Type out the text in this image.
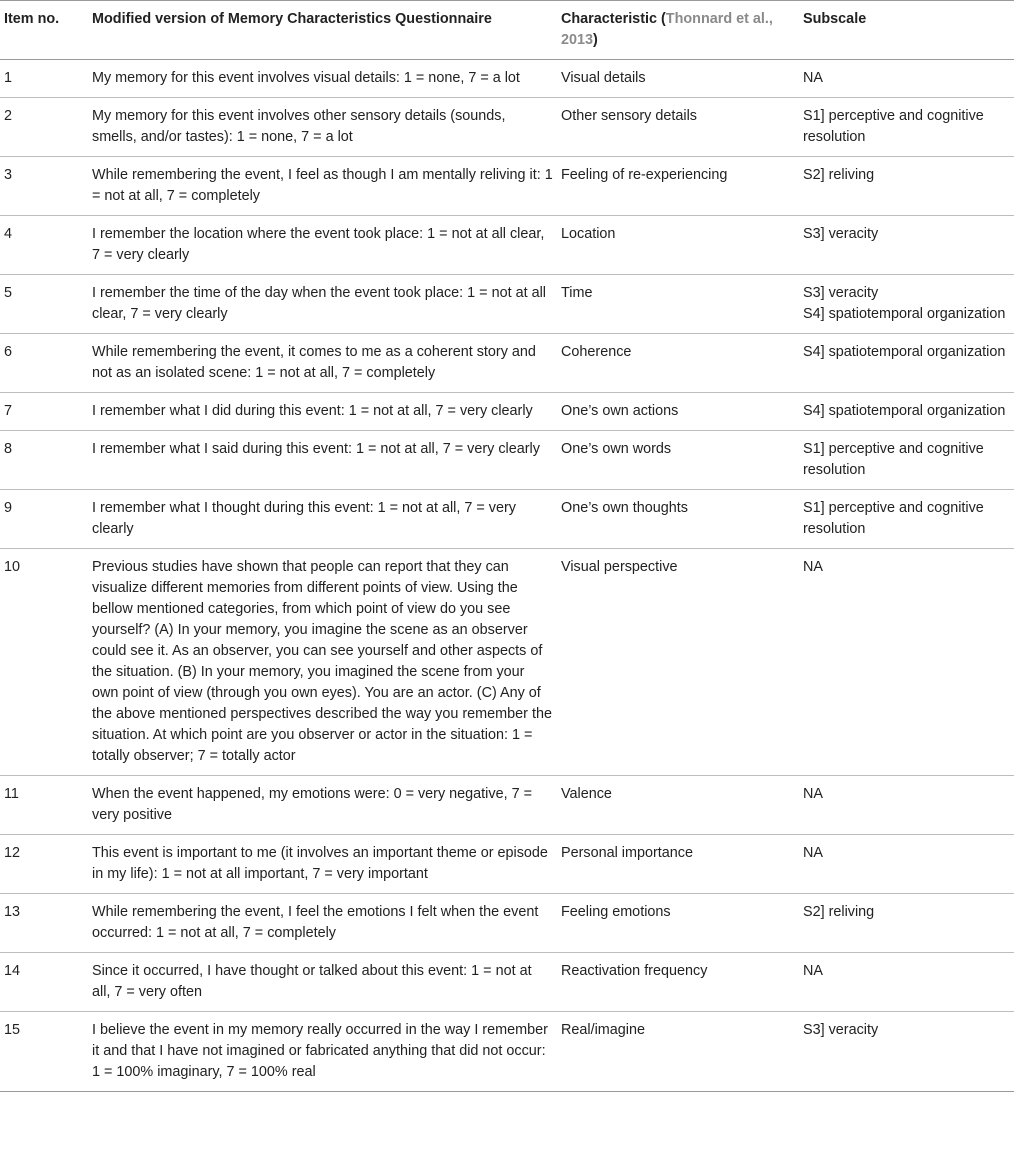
Item no.	Modified version of Memory Characteristics Questionnaire	Characteristic (Thonnard et al., 2013)	Subscale
1	My memory for this event involves visual details: 1 = none, 7 = a lot	Visual details	NA

2	My memory for this event involves other sensory details (sounds, smells, and/or tastes): 1 = none, 7 = a lot	Other sensory details	S1] perceptive and cognitive resolution

3	While remembering the event, I feel as though I am mentally reliving it: 1 = not at all, 7 = completely	Feeling of re-experiencing	S2] reliving

4	I remember the location where the event took place: 1 = not at all clear, 7 = very clearly	Location	S3] veracity

5	I remember the time of the day when the event took place: 1 = not at all clear, 7 = very clearly	Time	S3] veracity
S4] spatiotemporal organization

6	While remembering the event, it comes to me as a coherent story and not as an isolated scene: 1 = not at all, 7 = completely	Coherence	S4] spatiotemporal organization

7	I remember what I did during this event: 1 = not at all, 7 = very clearly	One’s own actions	S4] spatiotemporal organization

8	I remember what I said during this event: 1 = not at all, 7 = very clearly	One’s own words	S1] perceptive and cognitive resolution

9	I remember what I thought during this event: 1 = not at all, 7 = very clearly	One’s own thoughts	S1] perceptive and cognitive resolution

10	Previous studies have shown that people can report that they can visualize different memories from different points of view. Using the bellow mentioned categories, from which point of view do you see yourself? (A) In your memory, you imagine the scene as an observer could see it. As an observer, you can see yourself and other aspects of the situation. (B) In your memory, you imagined the scene from your own point of view (through you own eyes). You are an actor. (C) Any of the above mentioned perspectives described the way you remember the situation. At which point are you observer or actor in the situation: 1 = totally observer; 7 = totally actor	Visual perspective	NA

11	When the event happened, my emotions were: 0 = very negative, 7 = very positive	Valence	NA

12	This event is important to me (it involves an important theme or episode in my life): 1 = not at all important, 7 = very important	Personal importance	NA

13	While remembering the event, I feel the emotions I felt when the event occurred: 1 = not at all, 7 = completely	Feeling emotions	S2] reliving

14	Since it occurred, I have thought or talked about this event: 1 = not at all, 7 = very often	Reactivation frequency	NA

15	I believe the event in my memory really occurred in the way I remember it and that I have not imagined or fabricated anything that did not occur: 1 = 100% imaginary, 7 = 100% real	Real/imagine	S3] veracity
